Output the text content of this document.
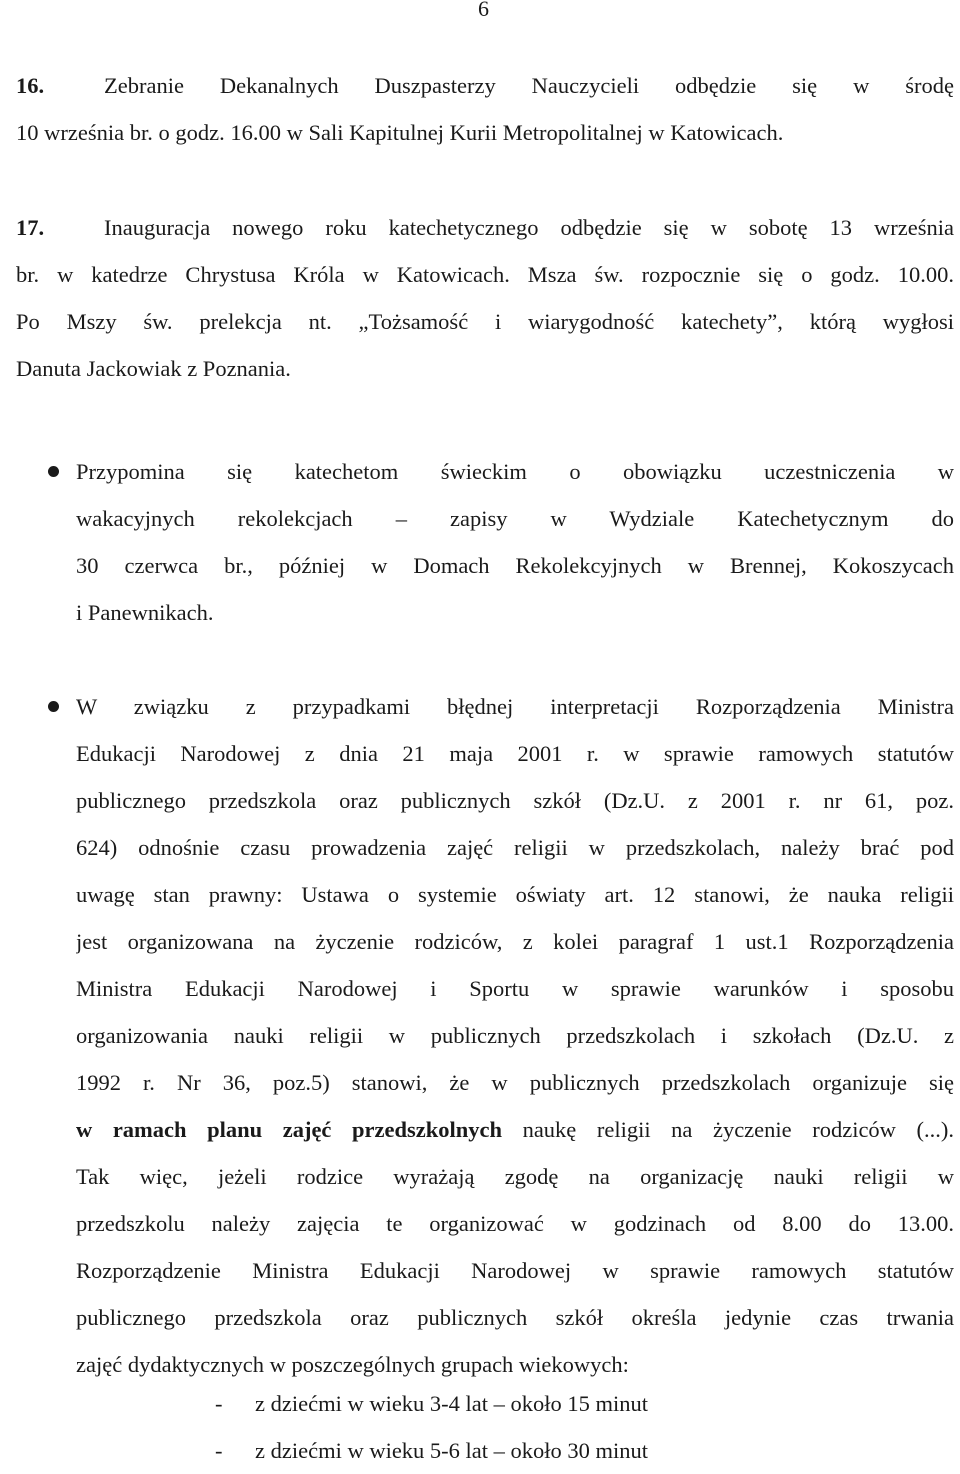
6
16.	Zebranie Dekanalnych Duszpasterzy Nauczycieli odbędzie się w środę
10 września br. o godz. 16.00 w Sali Kapitulnej Kurii Metropolitalnej w Katowicach.
17.	Inauguracja nowego roku katechetycznego odbędzie się w sobotę 13 września
br. w katedrze Chrystusa Króla w Katowicach. Msza św. rozpocznie się o godz. 10.00.
Po Mszy św. prelekcja nt. „Tożsamość i wiarygodność katechety”, którą wygłosi
Danuta Jackowiak z Poznania.
Przypomina się katechetom świeckim o obowiązku uczestniczenia w
wakacyjnych rekolekcjach – zapisy w Wydziale Katechetycznym do
30 czerwca br., później w Domach Rekolekcyjnych w Brennej, Kokoszycach
i Panewnikach.
W związku z przypadkami błędnej interpretacji Rozporządzenia Ministra
Edukacji Narodowej z dnia 21 maja 2001 r. w sprawie ramowych statutów
publicznego przedszkola oraz publicznych szkół (Dz.U. z 2001 r. nr 61, poz.
624) odnośnie czasu prowadzenia zajęć religii w przedszkolach, należy brać pod
uwagę stan prawny: Ustawa o systemie oświaty art. 12 stanowi, że nauka religii
jest organizowana na życzenie rodziców, z kolei paragraf 1 ust.1 Rozporządzenia
Ministra Edukacji Narodowej i Sportu w sprawie warunków i sposobu
organizowania nauki religii w publicznych przedszkolach i szkołach (Dz.U. z
1992 r. Nr 36, poz.5) stanowi, że w publicznych przedszkolach organizuje się
w ramach planu zajęć przedszkolnych naukę religii na życzenie rodziców (...).
Tak więc, jeżeli rodzice wyrażają zgodę na organizację nauki religii w
przedszkolu należy zajęcia te organizować w godzinach od 8.00 do 13.00.
Rozporządzenie Ministra Edukacji Narodowej w sprawie ramowych statutów
publicznego przedszkola oraz publicznych szkół określa jedynie czas trwania
zajęć dydaktycznych w poszczególnych grupach wiekowych:
- z dziećmi w wieku 3-4 lat – około 15 minut
- z dziećmi w wieku 5-6 lat – około 30 minut
